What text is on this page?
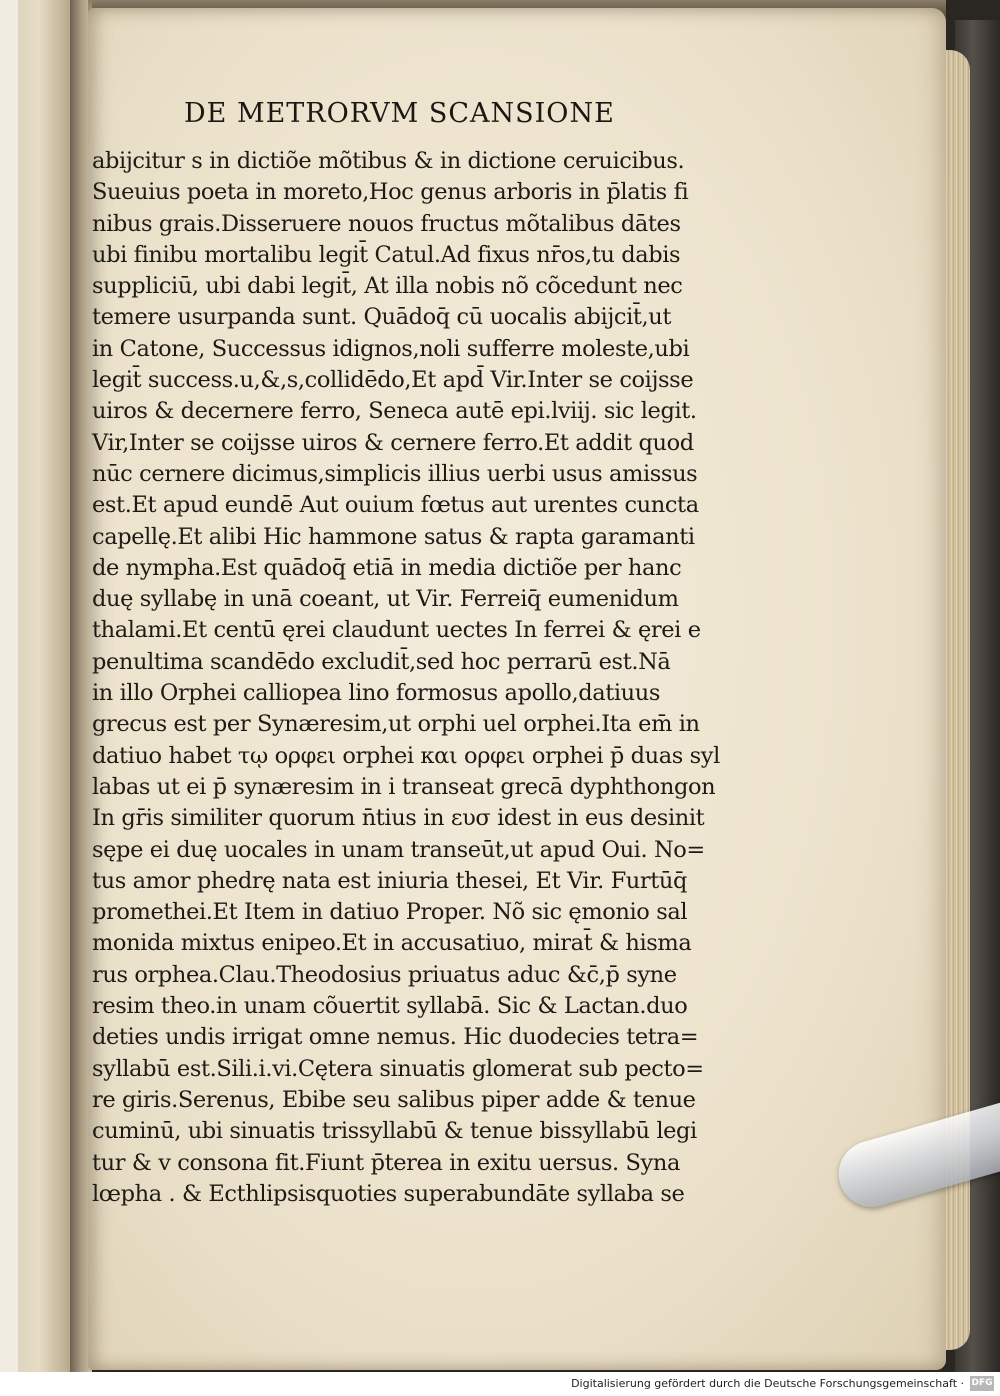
DE METRORVM SCANSIONE
abijcitur s in dictiõe mõtibus & in dictione ceruicibus.
Sueuius poeta in moreto,Hoc genus arboris in p̄latis fi
nibus grais.Disseruere nouos fructus mõtalibus dātes
ubi finibu mortalibu legit̄ Catul.Ad fixus nr̄os,tu dabis
suppliciū, ubi dabi legit̄, At illa nobis nõ cõcedunt nec
temere usurpanda sunt. Quādoq̄ cū uocalis abijcit̄,ut
in Catone, Successus idignos,noli sufferre moleste,ubi
legit̄ success.u,&,s,collidēdo,Et apd̄ Vir.Inter se coijsse
uiros & decernere ferro, Seneca autē epi.lviij. sic legit.
Vir,Inter se coijsse uiros & cernere ferro.Et addit quod
nūc cernere dicimus,simplicis illius uerbi usus amissus
est.Et apud eundē Aut ouium fœtus aut urentes cuncta
capellę.Et alibi Hic hammone satus & rapta garamanti
de nympha.Est quādoq̄ etiā in media dictiõe per hanc
duę syllabę in unā coeant, ut Vir. Ferreiq̄ eumenidum
thalami.Et centū ęrei claudunt uectes In ferrei & ęrei e
penultima scandēdo excludit̄,sed hoc perrarū est.Nā
in illo Orphei calliopea lino formosus apollo,datiuus
grecus est per Synæresim,ut orphi uel orphei.Ita em̄ in
datiuo habet τῳ ορφει orphei και ορφει orphei p̄ duas syl
labas ut ei p̄ synæresim in i transeat grecā dyphthongon
In gr̄is similiter quorum n̄tius in ευσ idest in eus desinit
sępe ei duę uocales in unam transeūt,ut apud Oui. No=
tus amor phedrę nata est iniuria thesei, Et Vir. Furtūq̄
promethei.Et Item in datiuo Proper. Nõ sic ęmonio sal
monida mixtus enipeo.Et in accusatiuo, mirat̄ & hisma
rus orphea.Clau.Theodosius priuatus aduc &c̄,p̄ syne
resim theo.in unam cõuertit syllabā. Sic & Lactan.duo
deties undis irrigat omne nemus. Hic duodecies tetra=
syllabū est.Sili.i.vi.Cętera sinuatis glomerat sub pecto=
re giris.Serenus, Ebibe seu salibus piper adde & tenue
cuminū, ubi sinuatis trissyllabū & tenue bissyllabū legi
tur & v consona fit.Fiunt p̄terea in exitu uersus. Syna
lœpha . & Ecthlipsisquoties superabundāte syllaba se
Digitalisierung gefördert durch die Deutsche Forschungsgemeinschaft · DFG
